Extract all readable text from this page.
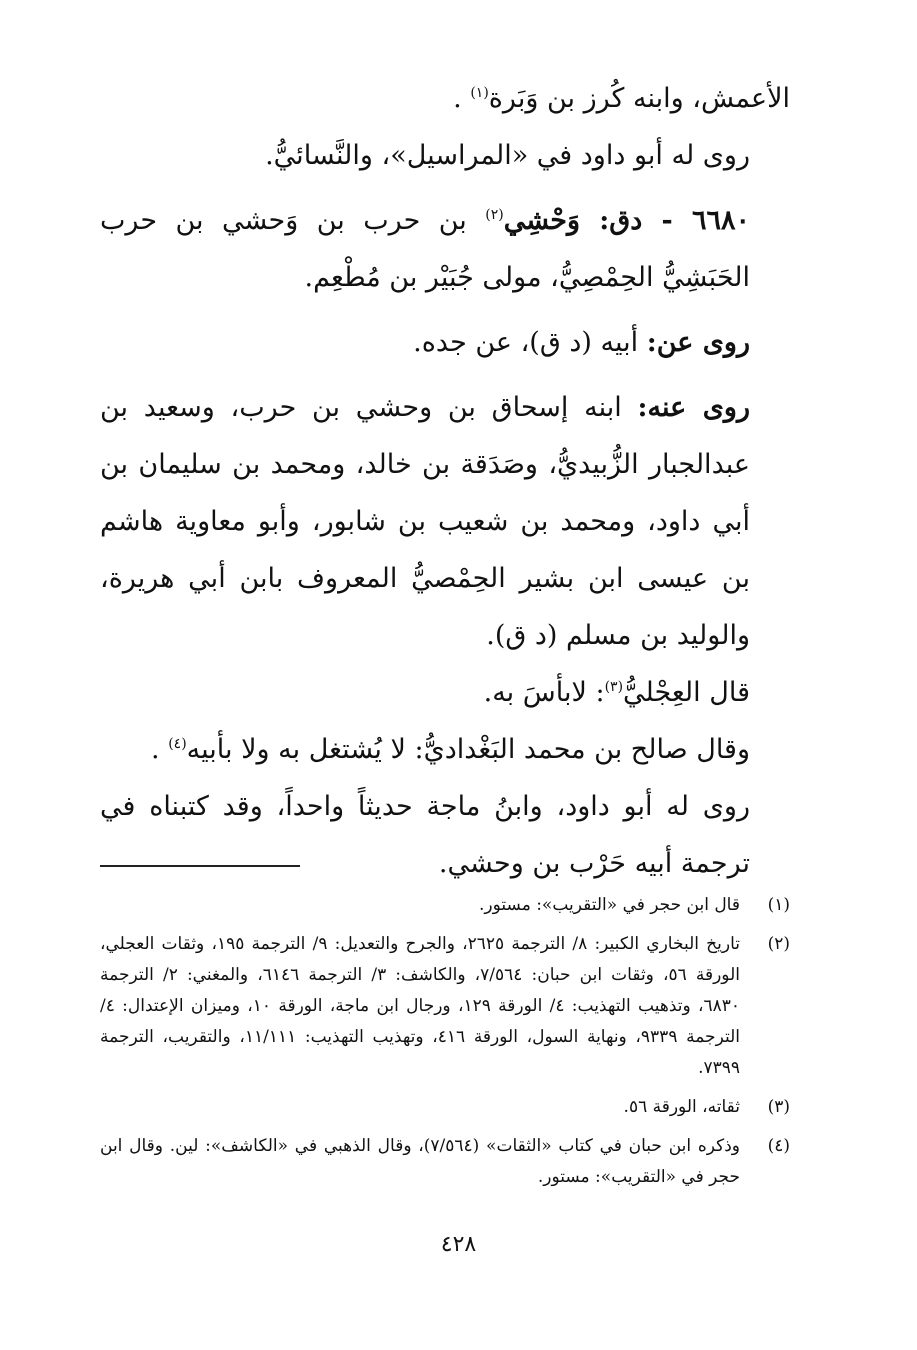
الأعمش، وابنه كُرز بن وَبَرة$^{(١)}$ .

روى له أبو داود في «المراسيل»، والنَّسائيُّ.

٦٦٨٠ - دق: وَحْشِي$^{(٢)}$ بن حرب بن وَحشي بن حرب الحَبَشِيُّ الحِمْصِيُّ، مولى جُبَيْر بن مُطْعِم.

روى عن: أبيه (د ق)، عن جده.

روى عنه: ابنه إسحاق بن وحشي بن حرب، وسعيد بن عبدالجبار الزُّبيديُّ، وصَدَقة بن خالد، ومحمد بن سليمان بن أبي داود، ومحمد بن شعيب بن شابور، وأبو معاوية هاشم بن عيسى ابن بشير الحِمْصيُّ المعروف بابن أبي هريرة، والوليد بن مسلم (د ق).

قال العِجْليُّ$^{(٣)}$: لابأسَ به.

وقال صالح بن محمد البَغْداديُّ: لا يُشتغل به ولا بأبيه$^{(٤)}$ .

روى له أبو داود، وابنُ ماجة حديثاً واحداً، وقد كتبناه في ترجمة أبيه حَرْب بن وحشي.

(١)
قال ابن حجر في «التقريب»: مستور.
(٢)
تاريخ البخاري الكبير: ٨/ الترجمة ٢٦٢٥، والجرح والتعديل: ٩/ الترجمة ١٩٥، وثقات العجلي، الورقة ٥٦، وثقات ابن حبان: ٧/٥٦٤، والكاشف: ٣/ الترجمة ٦١٤٦، والمغني: ٢/ الترجمة ٦٨٣٠، وتذهيب التهذيب: ٤/ الورقة ١٢٩، ورجال ابن ماجة، الورقة ١٠، وميزان الإعتدال: ٤/ الترجمة ٩٣٣٩، ونهاية السول، الورقة ٤١٦، وتهذيب التهذيب: ١١/١١١، والتقريب، الترجمة ٧٣٩٩.
(٣)
ثقاته، الورقة ٥٦.
(٤)
وذكره ابن حبان في كتاب «الثقات» (٧/٥٦٤)، وقال الذهبي في «الكاشف»: لين. وقال ابن حجر في «التقريب»: مستور.
٤٢٨
